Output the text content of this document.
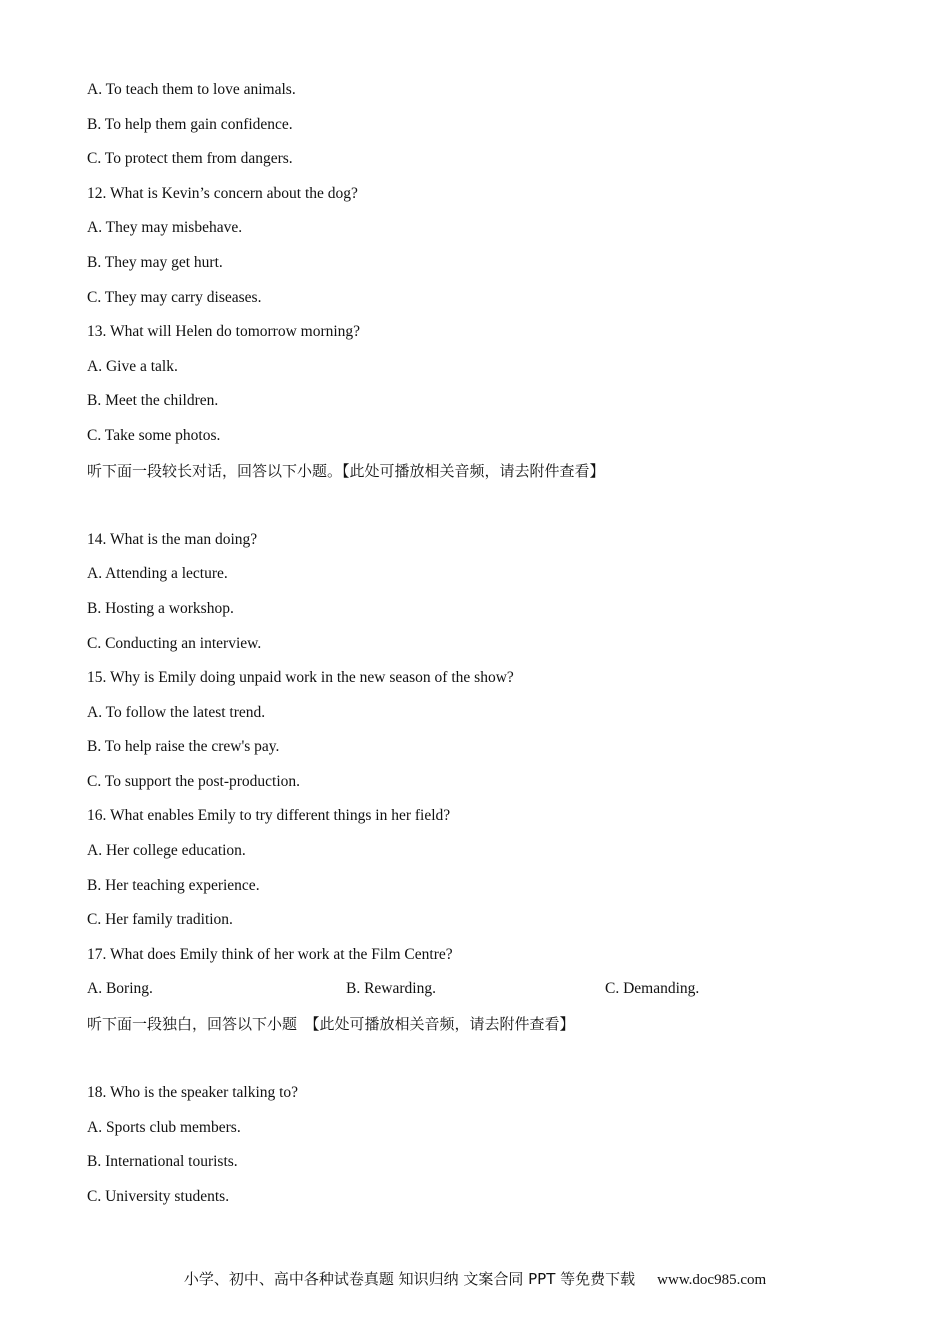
A. To teach them to love animals.
B. To help them gain confidence.
C. To protect them from dangers.
12. What is Kevin’s concern about the dog?
A. They may misbehave.
B. They may get hurt.
C. They may carry diseases.
13. What will Helen do tomorrow morning?
A. Give a talk.
B. Meet the children.
C. Take some photos.
听下面一段较长对话，回答以下小题。【此处可播放相关音频，请去附件查看】
14. What is the man doing?
A. Attending a lecture.
B. Hosting a workshop.
C. Conducting an interview.
15. Why is Emily doing unpaid work in the new season of the show?
A. To follow the latest trend.
B. To help raise the crew's pay.
C. To support the post-production.
16. What enables Emily to try different things in her field?
A. Her college education.
B. Her teaching experience.
C. Her family tradition.
17. What does Emily think of her work at the Film Centre?
A. Boring.	B. Rewarding.	C. Demanding.
听下面一段独白，回答以下小题　【此处可播放相关音频，请去附件查看】
18. Who is the speaker talking to?
A. Sports club members.
B. International tourists.
C. University students.
小学、初中、高中各种试卷真题 知识归纳 文案合同 PPT 等免费下载 www.doc985.com
